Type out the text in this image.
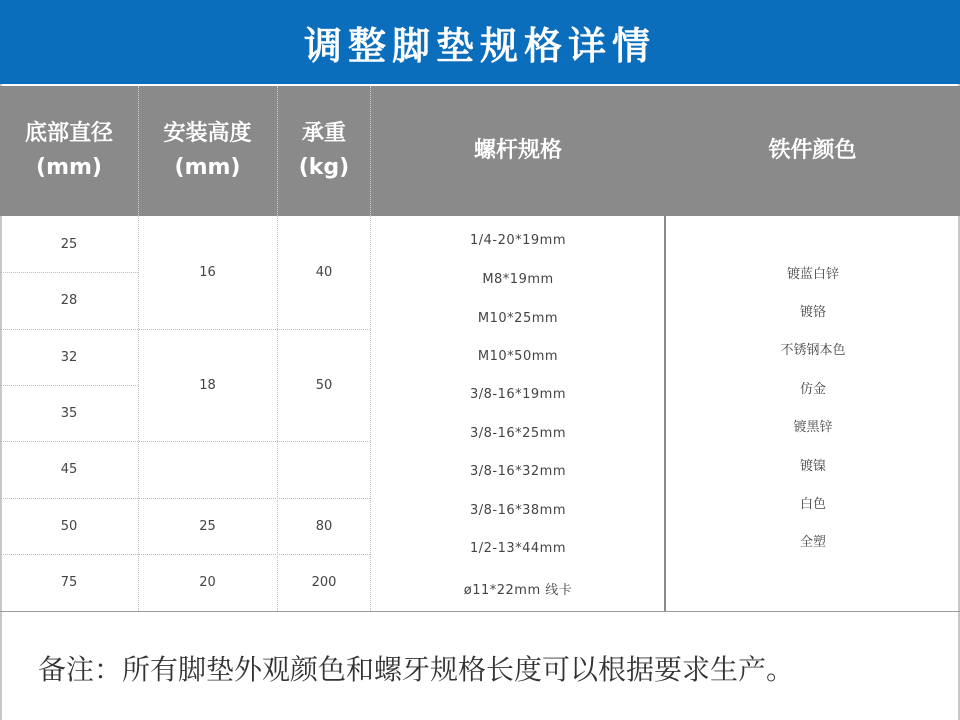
调整脚垫规格详情
底部直径
(mm)
安装高度
(mm)
承重
(kg)
螺杆规格	铁件颜色
25
28
32
35
45
50
75
16
18
25
20
40
50
80
200
1/4-20*19mm
M8*19mm
M10*25mm
M10*50mm
3/8-16*19mm
3/8-16*25mm
3/8-16*32mm
3/8-16*38mm
1/2-13*44mm
ø11*22mm 线卡
镀蓝白锌
镀铬
不锈钢本色
仿金
镀黑锌
镀镍
白色
全塑
备注：所有脚垫外观颜色和螺牙规格长度可以根据要求生产。
